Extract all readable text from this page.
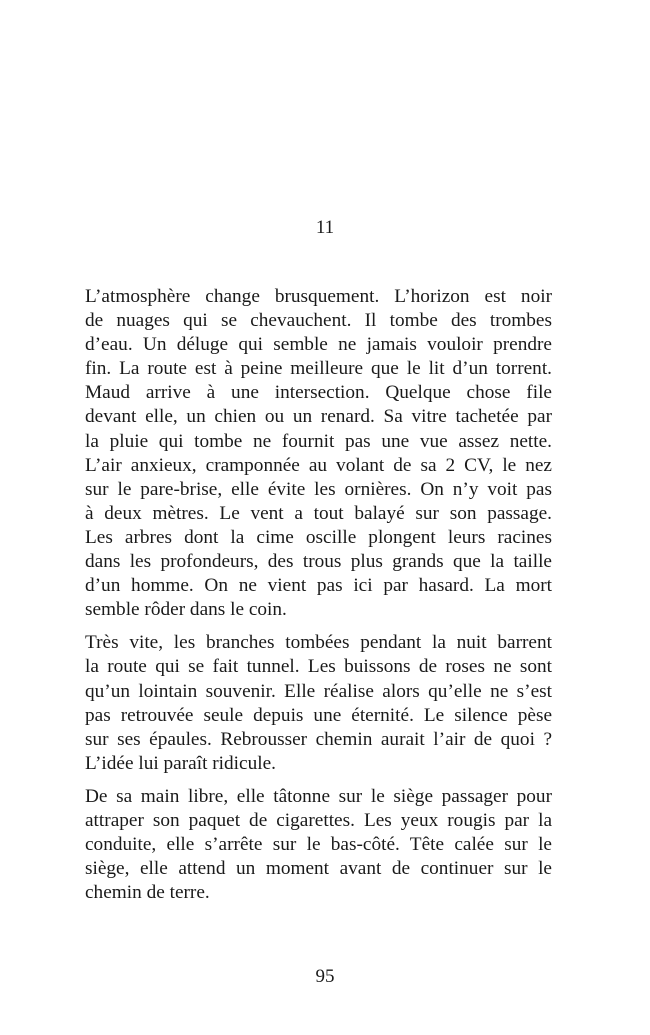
11

L’atmosphère change brusquement. L’horizon est noir
de nuages qui se chevauchent. Il tombe des trombes
d’eau. Un déluge qui semble ne jamais vouloir prendre
fin. La route est à peine meilleure que le lit d’un torrent.
Maud arrive à une intersection. Quelque chose file
devant elle, un chien ou un renard. Sa vitre tachetée par
la pluie qui tombe ne fournit pas une vue assez nette.
L’air anxieux, cramponnée au volant de sa 2 CV, le nez
sur le pare-brise, elle évite les ornières. On n’y voit pas
à deux mètres. Le vent a tout balayé sur son passage.
Les arbres dont la cime oscille plongent leurs racines
dans les profondeurs, des trous plus grands que la taille
d’un homme. On ne vient pas ici par hasard. La mort
semble rôder dans le coin.

Très vite, les branches tombées pendant la nuit barrent
la route qui se fait tunnel. Les buissons de roses ne sont
qu’un lointain souvenir. Elle réalise alors qu’elle ne s’est
pas retrouvée seule depuis une éternité. Le silence pèse
sur ses épaules. Rebrousser chemin aurait l’air de quoi ?
L’idée lui paraît ridicule.

De sa main libre, elle tâtonne sur le siège passager pour
attraper son paquet de cigarettes. Les yeux rougis par la
conduite, elle s’arrête sur le bas-côté. Tête calée sur le
siège, elle attend un moment avant de continuer sur le
chemin de terre.

95
